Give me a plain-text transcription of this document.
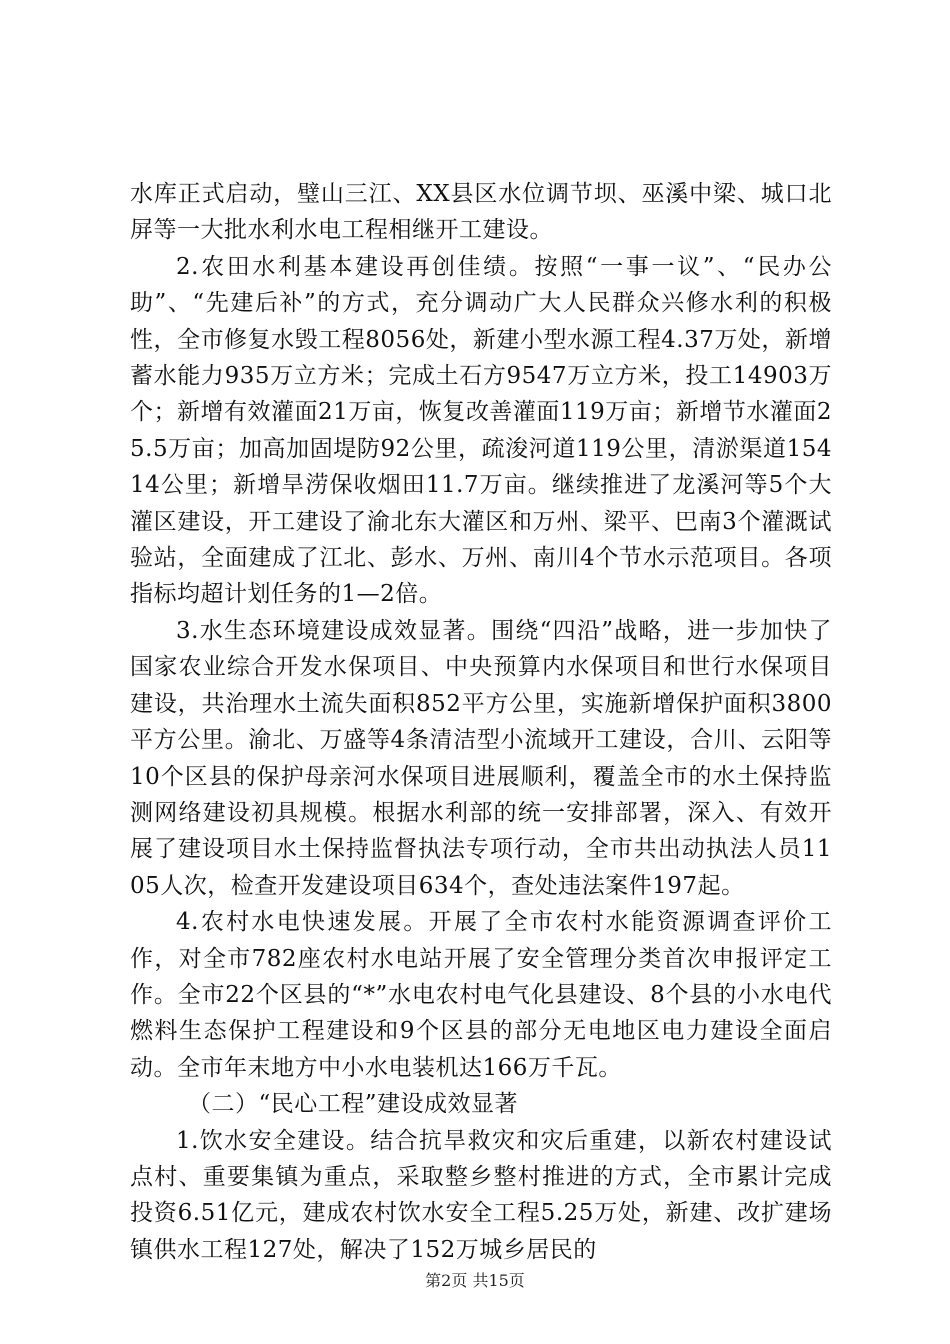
水库正式启动，璧山三江、XX县区水位调节坝、巫溪中梁、城口北屏等一大批水利水电工程相继开工建设。

2.农田水利基本建设再创佳绩。按照“一事一议”、“民办公助”、“先建后补”的方式，充分调动广大人民群众兴修水利的积极性，全市修复水毁工程8056处，新建小型水源工程4.37万处，新增蓄水能力935万立方米；完成土石方9547万立方米，投工14903万个；新增有效灌面21万亩，恢复改善灌面119万亩；新增节水灌面25.5万亩；加高加固堤防92公里，疏浚河道119公里，清淤渠道15414公里；新增旱涝保收烟田11.7万亩。继续推进了龙溪河等5个大灌区建设，开工建设了渝北东大灌区和万州、梁平、巴南3个灌溉试验站，全面建成了江北、彭水、万州、南川4个节水示范项目。各项指标均超计划任务的1—2倍。

3.水生态环境建设成效显著。围绕“四沿”战略，进一步加快了国家农业综合开发水保项目、中央预算内水保项目和世行水保项目建设，共治理水土流失面积852平方公里，实施新增保护面积3800平方公里。渝北、万盛等4条清洁型小流域开工建设，合川、云阳等10个区县的保护母亲河水保项目进展顺利，覆盖全市的水土保持监测网络建设初具规模。根据水利部的统一安排部署，深入、有效开展了建设项目水土保持监督执法专项行动，全市共出动执法人员1105人次，检查开发建设项目634个，查处违法案件197起。

4.农村水电快速发展。开展了全市农村水能资源调查评价工作，对全市782座农村水电站开展了安全管理分类首次申报评定工作。全市22个区县的“*”水电农村电气化县建设、8个县的小水电代燃料生态保护工程建设和9个区县的部分无电地区电力建设全面启动。全市年末地方中小水电装机达166万千瓦。

（二）“民心工程”建设成效显著

1.饮水安全建设。结合抗旱救灾和灾后重建，以新农村建设试点村、重要集镇为重点，采取整乡整村推进的方式，全市累计完成投资6.51亿元，建成农村饮水安全工程5.25万处，新建、改扩建场镇供水工程127处，解决了152万城乡居民的

第2页 共15页
